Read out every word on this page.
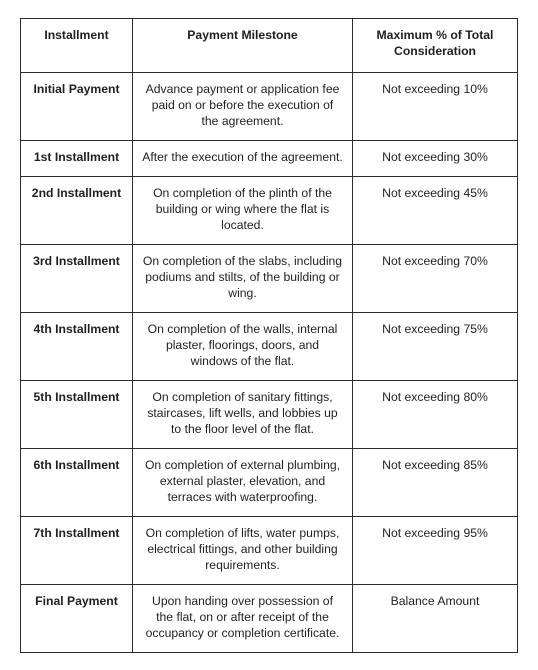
Installment	Payment Milestone	Maximum % of Total Consideration
Initial Payment	Advance payment or application fee paid on or before the execution of the agreement.	Not exceeding 10%
1st Installment	After the execution of the agreement.	Not exceeding 30%
2nd Installment	On completion of the plinth of the building or wing where the flat is located.	Not exceeding 45%
3rd Installment	On completion of the slabs, including podiums and stilts, of the building or wing.	Not exceeding 70%
4th Installment	On completion of the walls, internal plaster, floorings, doors, and windows of the flat.	Not exceeding 75%
5th Installment	On completion of sanitary fittings, staircases, lift wells, and lobbies up to the floor level of the flat.	Not exceeding 80%
6th Installment	On completion of external plumbing, external plaster, elevation, and terraces with waterproofing.	Not exceeding 85%
7th Installment	On completion of lifts, water pumps, electrical fittings, and other building requirements.	Not exceeding 95%
Final Payment	Upon handing over possession of the flat, on or after receipt of the occupancy or completion certificate.	Balance Amount
